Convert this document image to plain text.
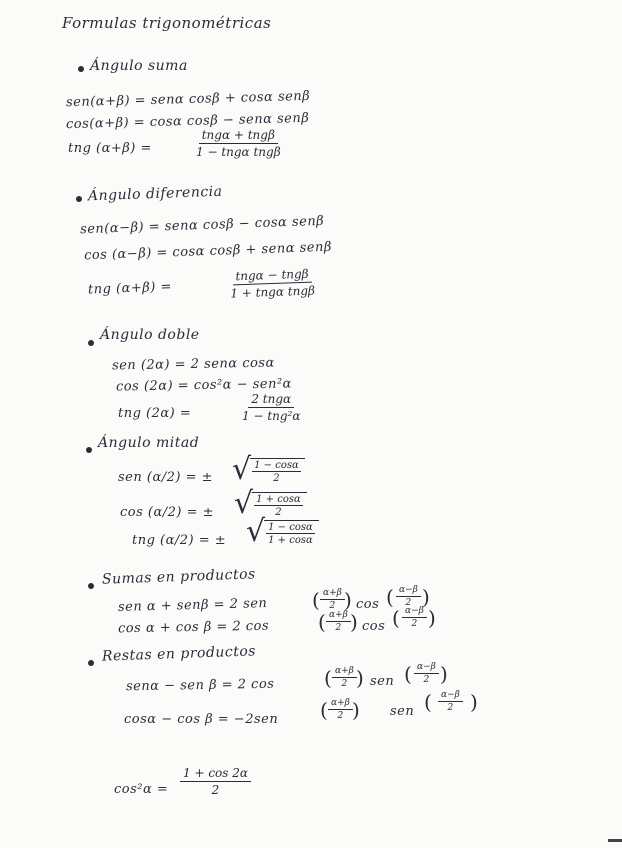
Formulas trigonométricas
Ángulo suma
sen(α+β) = senα cosβ + cosα senβ
cos(α+β) = cosα cosβ − senα senβ
tng (α+β) =
tngα + tngβ
1 − tngα tngβ
Ángulo diferencia
sen(α−β) = senα cosβ − cosα senβ
cos (α−β) = cosα cosβ + senα senβ
tng (α+β) =
tngα − tngβ
1 + tngα tngβ
Ángulo doble
sen (2α) = 2 senα cosα
cos (2α) = cos²α − sen²α
tng (2α) =
2 tngα
1 − tng²α
Ángulo mitad
sen (α/2) = ± √ $\frac{1 - \cos\alpha}{2}$
cos (α/2) = ± √ $\frac{1 + \cos\alpha}{2}$
tng (α/2) = ± √ $\frac{1 - \cos\alpha}{1 + \cos\alpha}$
Sumas en productos
sen α + senβ = 2 sen ( $\frac{\alpha+\beta}{2}$ ) cos ( $\frac{\alpha-\beta}{2}$ )
cos α + cos β = 2 cos ( $\frac{\alpha+\beta}{2}$ ) cos ( $\frac{\alpha-\beta}{2}$ )
Restas en productos
senα − sen β = 2 cos ( $\frac{\alpha+\beta}{2}$ ) sen ( $\frac{\alpha-\beta}{2}$ )
cosα − cos β = −2sen ( $\frac{\alpha+\beta}{2}$ ) sen ( $\frac{\alpha-\beta}{2}$ )
$\cos^2\alpha = \frac{1 + \cos 2\alpha}{2}$
